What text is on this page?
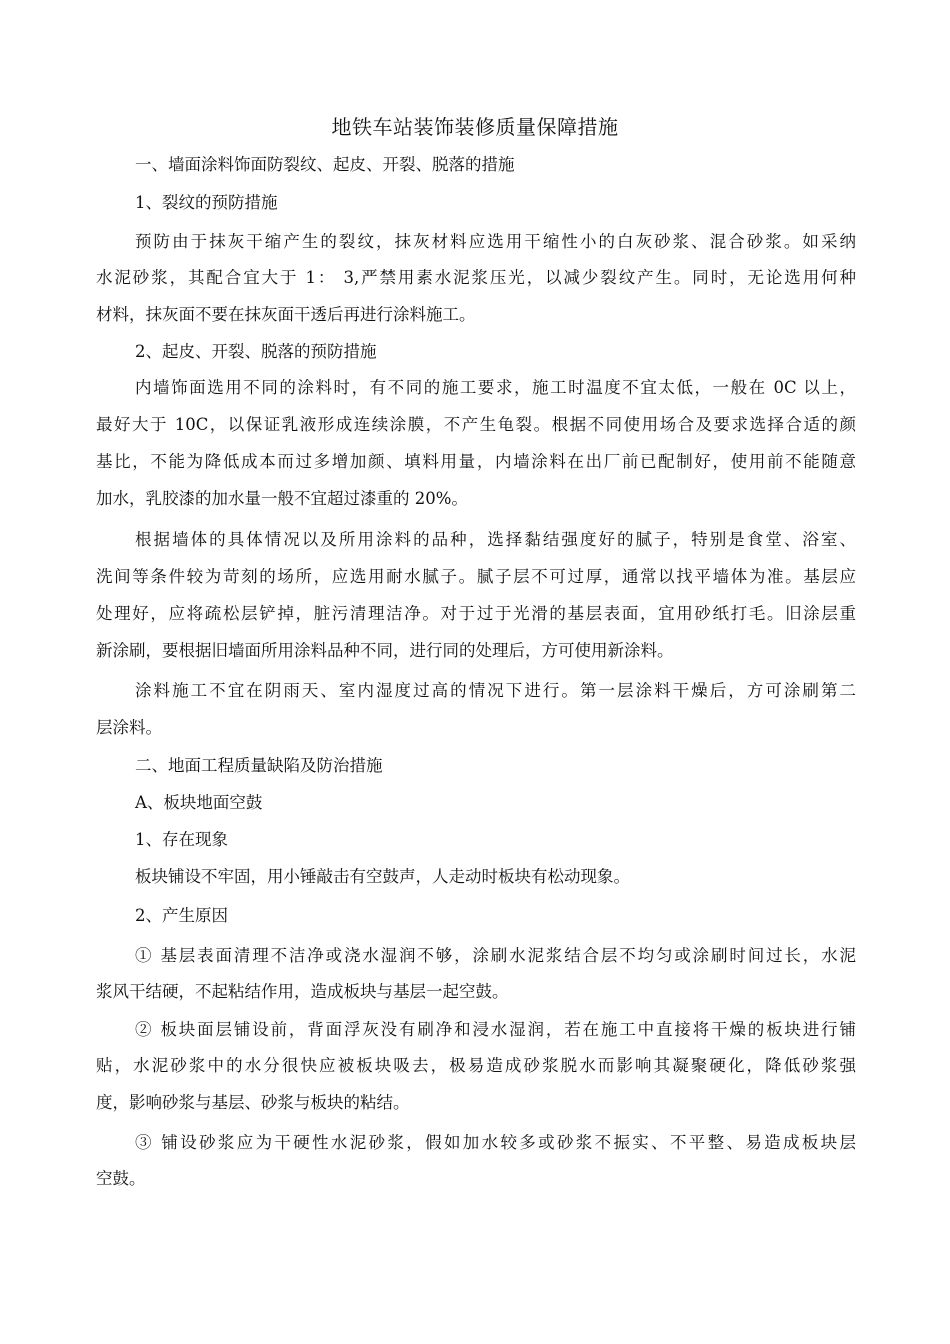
地铁车站装饰装修质量保障措施
一、墙面涂料饰面防裂纹、起皮、开裂、脱落的措施
1、裂纹的预防措施
预防由于抹灰干缩产生的裂纹，抹灰材料应选用干缩性小的白灰砂浆、混合砂浆。如采纳
水泥砂浆，其配合宜大于 1： 3,严禁用素水泥浆压光，以减少裂纹产生。同时，无论选用何种
材料，抹灰面不要在抹灰面干透后再进行涂料施工。
2、起皮、开裂、脱落的预防措施
内墙饰面选用不同的涂料时，有不同的施工要求，施工时温度不宜太低，一般在 0C 以上，
最好大于 10C，以保证乳液形成连续涂膜，不产生龟裂。根据不同使用场合及要求选择合适的颜
基比，不能为降低成本而过多增加颜、填料用量，内墙涂料在出厂前已配制好，使用前不能随意
加水，乳胶漆的加水量一般不宜超过漆重的 20%。
根据墙体的具体情况以及所用涂料的品种，选择黏结强度好的腻子，特别是食堂、浴室、
洗间等条件较为苛刻的场所，应选用耐水腻子。腻子层不可过厚，通常以找平墙体为准。基层应
处理好，应将疏松层铲掉，脏污清理洁净。对于过于光滑的基层表面，宜用砂纸打毛。旧涂层重
新涂刷，要根据旧墙面所用涂料品种不同，进行同的处理后，方可使用新涂料。
涂料施工不宜在阴雨天、室内湿度过高的情况下进行。第一层涂料干燥后，方可涂刷第二
层涂料。
二、地面工程质量缺陷及防治措施
A、板块地面空鼓
1、存在现象
板块铺设不牢固，用小锤敲击有空鼓声，人走动时板块有松动现象。
2、产生原因
① 基层表面清理不洁净或浇水湿润不够，涂刷水泥浆结合层不均匀或涂刷时间过长，水泥
浆风干结硬，不起粘结作用，造成板块与基层一起空鼓。
② 板块面层铺设前，背面浮灰没有刷净和浸水湿润，若在施工中直接将干燥的板块进行铺
贴，水泥砂浆中的水分很快应被板块吸去，极易造成砂浆脱水而影响其凝聚硬化，降低砂浆强
度，影响砂浆与基层、砂浆与板块的粘结。
③ 铺设砂浆应为干硬性水泥砂浆，假如加水较多或砂浆不振实、不平整、易造成板块层
空鼓。
